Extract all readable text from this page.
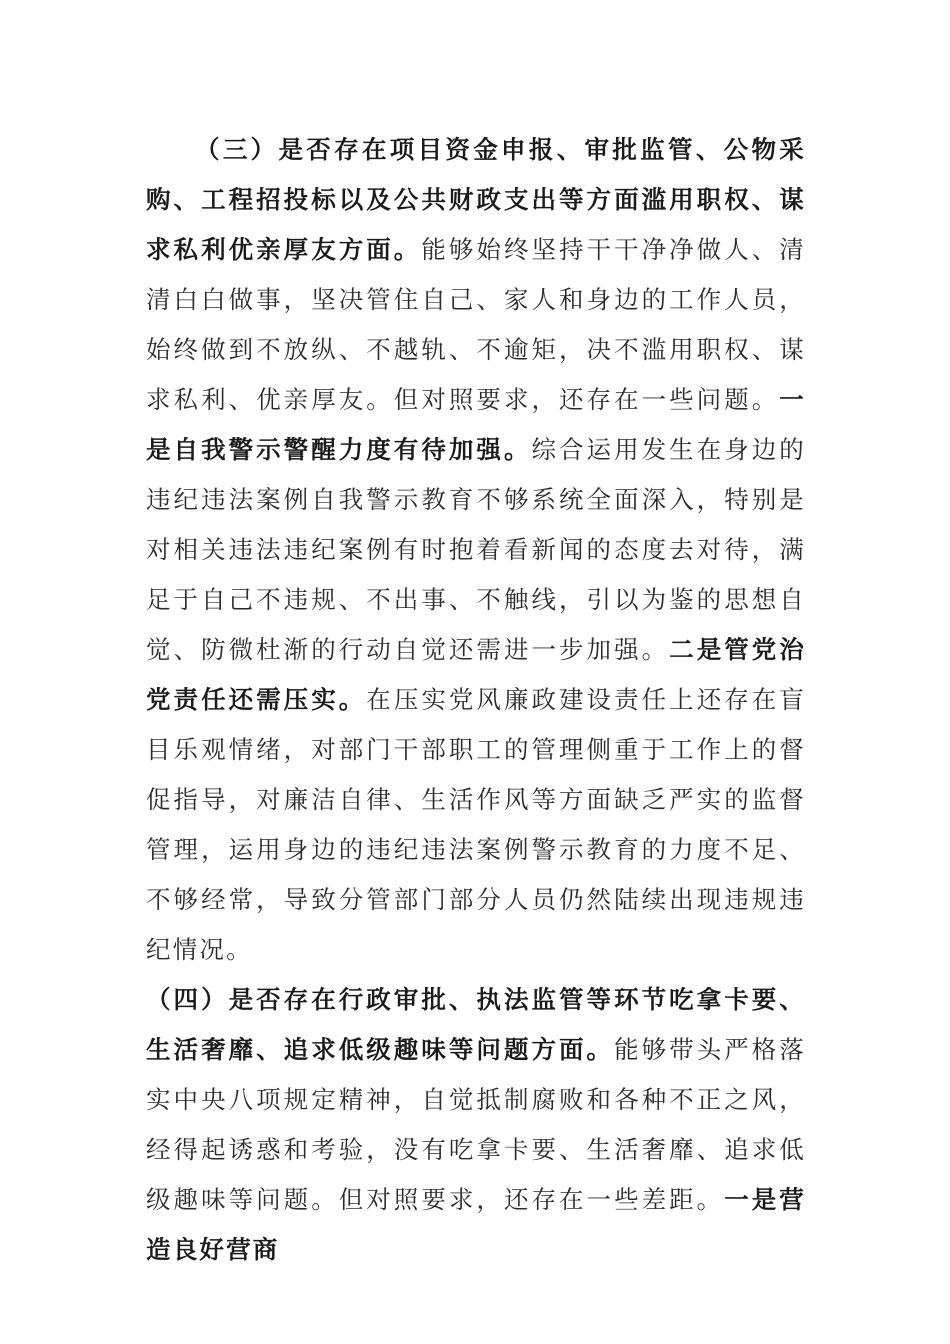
（三）是否存在项目资金申报、审批监管、公物采购、工程招投标以及公共财政支出等方面滥用职权、谋求私利优亲厚友方面。能够始终坚持干干净净做人、清清白白做事，坚决管住自己、家人和身边的工作人员，始终做到不放纵、不越轨、不逾矩，决不滥用职权、谋求私利、优亲厚友。但对照要求，还存在一些问题。一是自我警示警醒力度有待加强。综合运用发生在身边的违纪违法案例自我警示教育不够系统全面深入，特别是对相关违法违纪案例有时抱着看新闻的态度去对待，满足于自己不违规、不出事、不触线，引以为鉴的思想自觉、防微杜渐的行动自觉还需进一步加强。二是管党治党责任还需压实。在压实党风廉政建设责任上还存在盲目乐观情绪，对部门干部职工的管理侧重于工作上的督促指导，对廉洁自律、生活作风等方面缺乏严实的监督管理，运用身边的违纪违法案例警示教育的力度不足、不够经常，导致分管部门部分人员仍然陆续出现违规违纪情况。

（四）是否存在行政审批、执法监管等环节吃拿卡要、生活奢靡、追求低级趣味等问题方面。能够带头严格落实中央八项规定精神，自觉抵制腐败和各种不正之风，经得起诱惑和考验，没有吃拿卡要、生活奢靡、追求低级趣味等问题。但对照要求，还存在一些差距。一是营造良好营商
